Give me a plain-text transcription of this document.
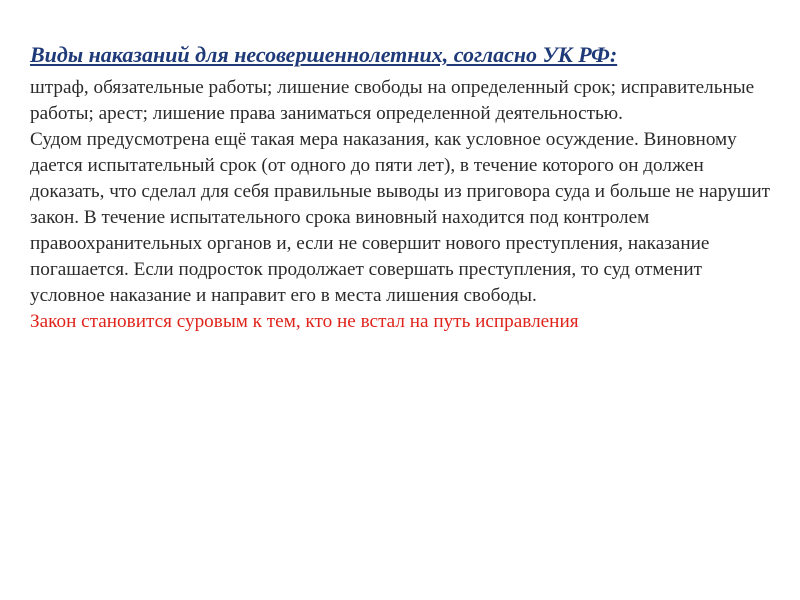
Виды наказаний для несовершеннолетних, согласно УК РФ:

штраф, обязательные работы; лишение свободы на определенный срок; исправительные работы; арест; лишение права заниматься определенной деятельностью.

Судом предусмотрена ещё такая мера наказания, как условное осуждение. Виновному дается испытательный срок (от одного до пяти лет), в течение которого он должен доказать, что сделал для себя правильные выводы из приговора суда и больше не нарушит закон. В течение испытательного срока виновный находится под контролем правоохранительных органов и, если не совершит нового преступления, наказание погашается. Если подросток продолжает совершать преступления, то суд отменит условное наказание и направит его в места лишения свободы.

Закон становится суровым к тем, кто не встал на путь исправления
